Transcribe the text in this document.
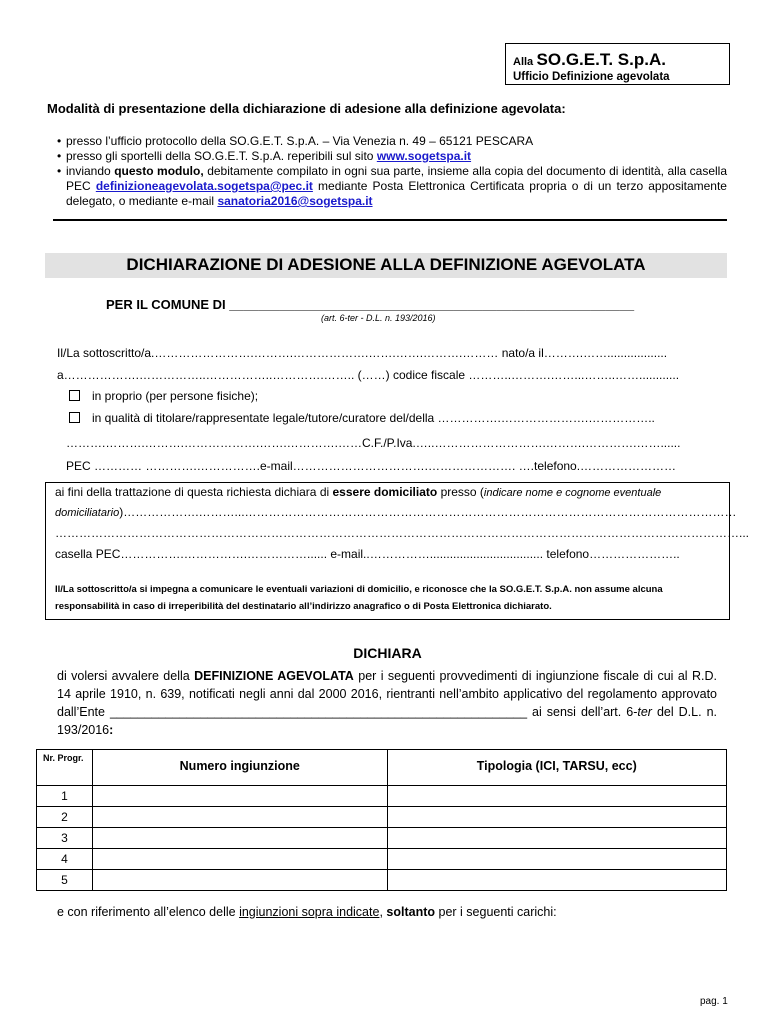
Alla SO.G.E.T. S.p.A.
Ufficio Definizione agevolata
Modalità di presentazione della dichiarazione di adesione alla definizione agevolata:
• presso l’ufficio protocollo della SO.G.E.T. S.p.A. – Via Venezia n. 49 – 65121 PESCARA
• presso gli sportelli della SO.G.E.T. S.p.A. reperibili sul sito www.sogetspa.it
• inviando questo modulo, debitamente compilato in ogni sua parte, insieme alla copia del documento di identità, alla casella PEC definizioneagevolata.sogetspa@pec.it mediante Posta Elettronica Certificata propria o di un terzo appositamente delegato, o mediante e-mail sanatoria2016@sogetspa.it
DICHIARAZIONE DI ADESIONE ALLA DEFINIZIONE AGEVOLATA
PER IL COMUNE DI ________________________________________________________
(art. 6-ter - D.L. n. 193/2016)
Il/La sottoscritto/a.…………………….……….……………….…….…….……….……… nato/a il……….……..................
a……………….……………..……………..………….…….. (……) codice fiscale ………..……….……...……..……............
in proprio (per persone fisiche);
in qualità di titolare/rappresentate legale/tutore/curatore del/della …………….………………….……………..
……….……….……….……………….…….………….……C.F./P.Iva.…..……………………….……….………….……......
PEC ………… ………….…………….e-mail…………………………….…………………. ….telefono.……………………
ai fini della trattazione di questa richiesta dichiara di essere domiciliato presso (indicare nome e cognome eventuale
domiciliatario)……………….………...……………………………………………………………………………………………………………
………………………………………………………………………………………………………………………………………………………...
casella PEC…………….…………….……………...... e-mail..…………….................................. telefono…………………..
Il/La sottoscritto/a si impegna a comunicare le eventuali variazioni di domicilio, e riconosce che la SO.G.E.T. S.p.A. non assume alcuna responsabilità in caso di irreperibilità del destinatario all’indirizzo anagrafico o di Posta Elettronica dichiarato.
DICHIARA
di volersi avvalere della DEFINIZIONE AGEVOLATA per i seguenti provvedimenti di ingiunzione fiscale di cui al R.D. 14 aprile 1910, n. 639, notificati negli anni dal 2000 2016, rientranti nell’ambito applicativo del regolamento approvato dall’Ente ____________________________________________________________ ai sensi dell’art. 6-ter del D.L. n. 193/2016:
Nr. Progr.	Numero ingiunzione	Tipologia (ICI, TARSU, ecc)
1		
2		
3		
4		
5		
e con riferimento all’elenco delle ingiunzioni sopra indicate, soltanto per i seguenti carichi:
pag. 1
